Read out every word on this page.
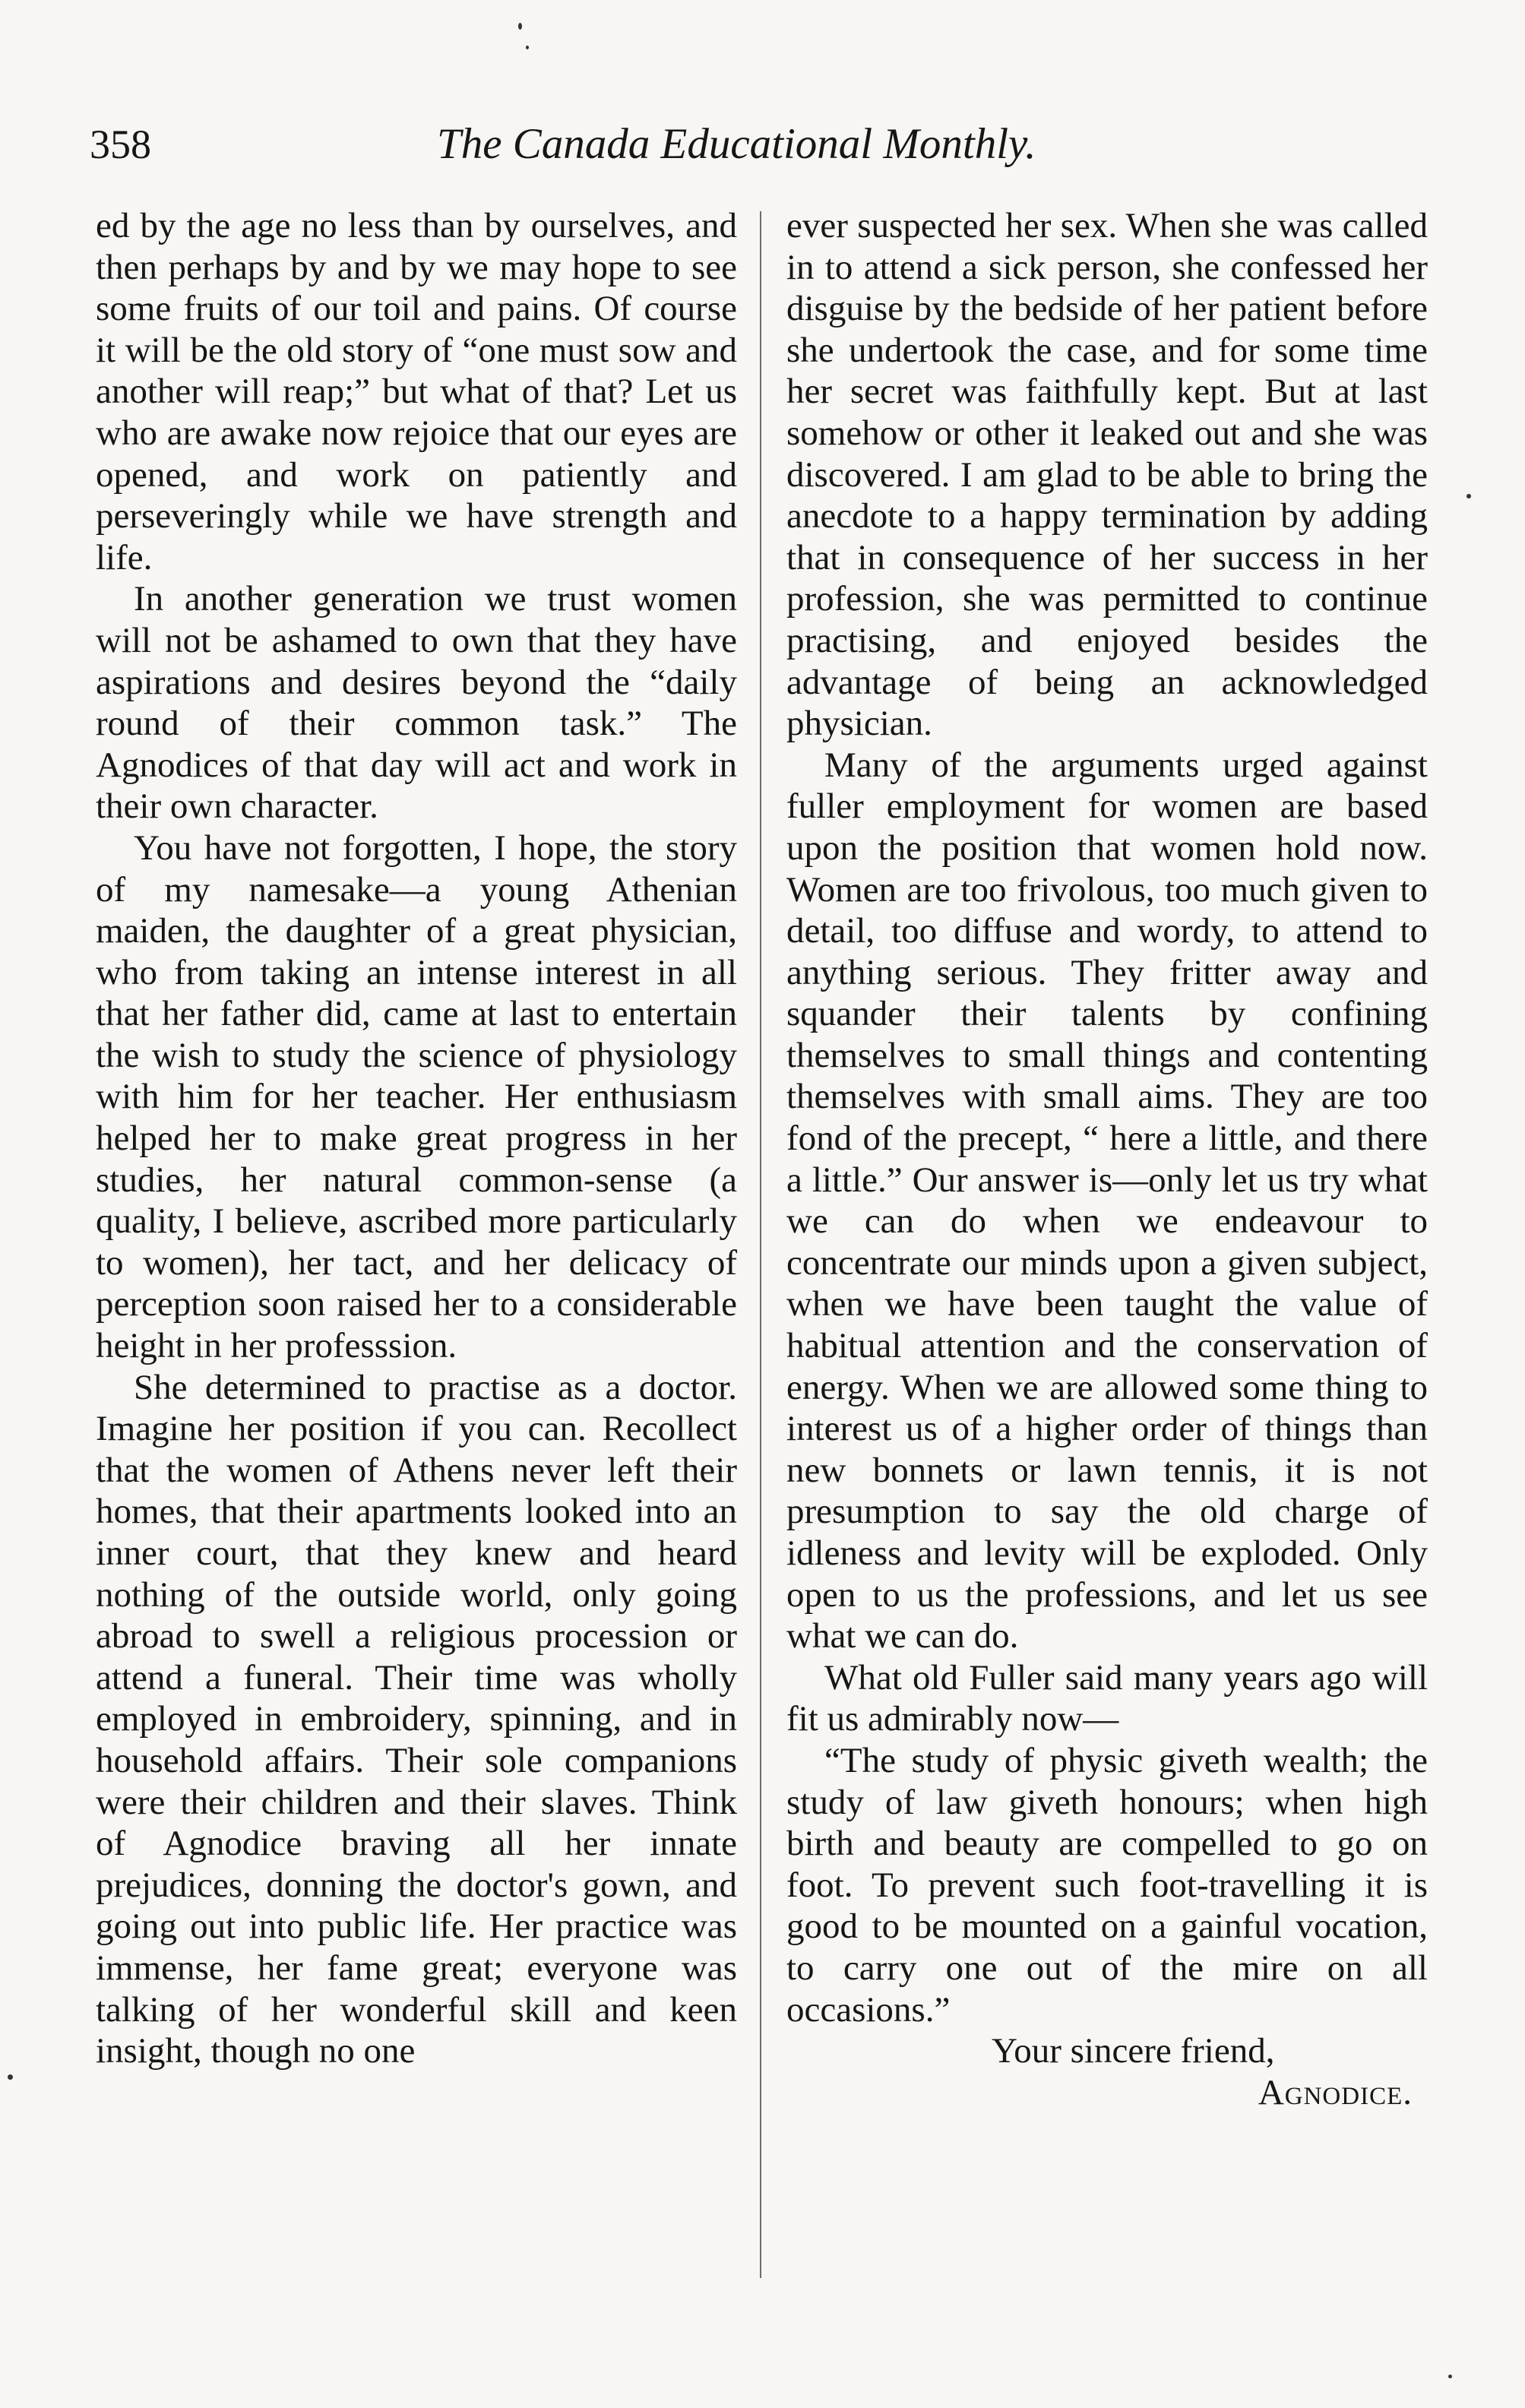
358	The Canada Educational Monthly.

ed by the age no less than by ourselves, and then perhaps by and by we may hope to see some fruits of our toil and pains. Of course it will be the old story of “one must sow and another will reap;” but what of that? Let us who are awake now rejoice that our eyes are opened, and work on patiently and perseveringly while we have strength and life.

In another generation we trust women will not be ashamed to own that they have aspirations and desires beyond the “daily round of their common task.” The Agnodices of that day will act and work in their own character.

You have not forgotten, I hope, the story of my namesake—a young Athenian maiden, the daughter of a great physician, who from taking an intense interest in all that her father did, came at last to entertain the wish to study the science of physiology with him for her teacher. Her enthusiasm helped her to make great progress in her studies, her natural common-sense (a quality, I believe, ascribed more particularly to women), her tact, and her delicacy of perception soon raised her to a considerable height in her professsion.

She determined to practise as a doctor. Imagine her position if you can. Recollect that the women of Athens never left their homes, that their apartments looked into an inner court, that they knew and heard nothing of the outside world, only going abroad to swell a religious procession or attend a funeral. Their time was wholly employed in embroidery, spinning, and in household affairs. Their sole companions were their children and their slaves. Think of Agnodice braving all her innate prejudices, donning the doctor's gown, and going out into public life. Her practice was immense, her fame great; everyone was talking of her wonderful skill and keen insight, though no one

ever suspected her sex. When she was called in to attend a sick person, she confessed her disguise by the bedside of her patient before she undertook the case, and for some time her secret was faithfully kept. But at last somehow or other it leaked out and she was discovered. I am glad to be able to bring the anecdote to a happy termination by adding that in consequence of her success in her profession, she was permitted to continue practising, and enjoyed besides the advantage of being an acknowledged physician.

Many of the arguments urged against fuller employment for women are based upon the position that women hold now. Women are too frivolous, too much given to detail, too diffuse and wordy, to attend to anything serious. They fritter away and squander their talents by confining themselves to small things and contenting themselves with small aims. They are too fond of the precept, “ here a little, and there a little.” Our answer is—only let us try what we can do when we endeavour to concentrate our minds upon a given subject, when we have been taught the value of habitual attention and the conservation of energy. When we are allowed some thing to interest us of a higher order of things than new bonnets or lawn tennis, it is not presumption to say the old charge of idleness and levity will be exploded. Only open to us the professions, and let us see what we can do.

What old Fuller said many years ago will fit us admirably now—

“The study of physic giveth wealth; the study of law giveth honours; when high birth and beauty are compelled to go on foot. To prevent such foot-travelling it is good to be mounted on a gainful vocation, to carry one out of the mire on all occasions.”

Your sincere friend,

Agnodice.
